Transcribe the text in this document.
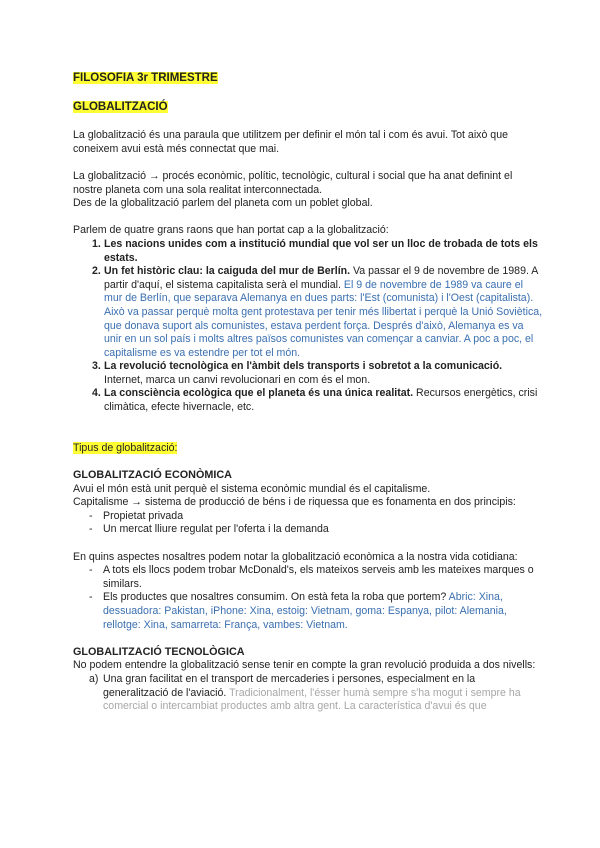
FILOSOFIA 3r TRIMESTRE

GLOBALITZACIÓ

La globalització és una paraula que utilitzem per definir el món tal i com és avui. Tot això que coneixem avui està més connectat que mai.

La globalització → procés econòmic, polític, tecnològic, cultural i social que ha anat definint el nostre planeta com una sola realitat interconnectada.

Des de la globalització parlem del planeta com un poblet global.

Parlem de quatre grans raons que han portat cap a la globalització:

1. Les nacions unides com a institució mundial que vol ser un lloc de trobada de tots els estats.
2. Un fet històric clau: la caiguda del mur de Berlín. Va passar el 9 de novembre de 1989. A partir d'aquí, el sistema capitalista serà el mundial. El 9 de novembre de 1989 va caure el mur de Berlín, que separava Alemanya en dues parts: l'Est (comunista) i l'Oest (capitalista). Això va passar perquè molta gent protestava per tenir més llibertat i perquè la Unió Soviètica, que donava suport als comunistes, estava perdent força. Després d'això, Alemanya es va unir en un sol país i molts altres països comunistes van començar a canviar. A poc a poc, el capitalisme es va estendre per tot el món.
3. La revolució tecnològica en l'àmbit dels transports i sobretot a la comunicació. Internet, marca un canvi revolucionari en com és el mon.
4. La consciència ecològica que el planeta és una única realitat. Recursos energètics, crisi climàtica, efecte hivernacle, etc.

Tipus de globalització:

GLOBALITZACIÓ ECONÒMICA

Avui el món està unit perquè el sistema econòmic mundial és el capitalisme.

Capitalisme → sistema de producció de béns i de riquessa que es fonamenta en dos principis:

- Propietat privada
- Un mercat lliure regulat per l'oferta i la demanda

En quins aspectes nosaltres podem notar la globalització econòmica a la nostra vida cotidiana:

- A tots els llocs podem trobar McDonald's, els mateixos serveis amb les mateixes marques o similars.
- Els productes que nosaltres consumim. On està feta la roba que portem? Abric: Xina, dessuadora: Pakistan, iPhone: Xina, estoig: Vietnam, goma: Espanya, pilot: Alemania, rellotge: Xina, samarreta: França, vambes: Vietnam.

GLOBALITZACIÓ TECNOLÒGICA

No podem entendre la globalització sense tenir en compte la gran revolució produida a dos nivells:

a) Una gran facilitat en el transport de mercaderies i persones, especialment en la generalització de l'aviació. Tradicionalment, l'ésser humà sempre s'ha mogut i sempre ha comercial o intercambiat productes amb altra gent. La característica d'avui és que
